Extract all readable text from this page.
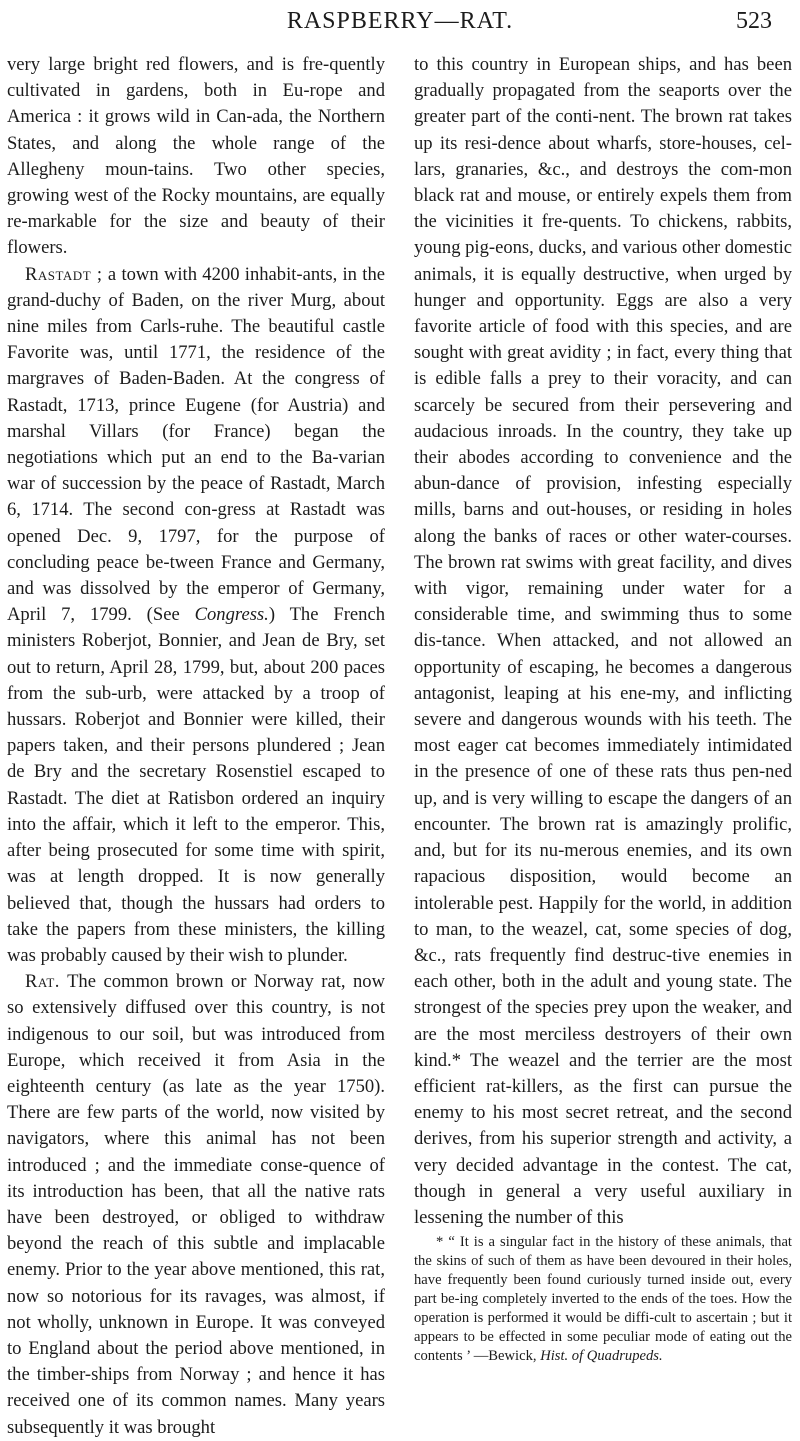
RASPBERRY—RAT.	523

very large bright red flowers, and is fre-quently cultivated in gardens, both in Eu-rope and America : it grows wild in Can-ada, the Northern States, and along the whole range of the Allegheny moun-tains. Two other species, growing west of the Rocky mountains, are equally re-markable for the size and beauty of their flowers.

Rastadt ; a town with 4200 inhabit-ants, in the grand-duchy of Baden, on the river Murg, about nine miles from Carls-ruhe. The beautiful castle Favorite was, until 1771, the residence of the margraves of Baden-Baden. At the congress of Rastadt, 1713, prince Eugene (for Austria) and marshal Villars (for France) began the negotiations which put an end to the Ba-varian war of succession by the peace of Rastadt, March 6, 1714. The second con-gress at Rastadt was opened Dec. 9, 1797, for the purpose of concluding peace be-tween France and Germany, and was dissolved by the emperor of Germany, April 7, 1799. (See Congress.) The French ministers Roberjot, Bonnier, and Jean de Bry, set out to return, April 28, 1799, but, about 200 paces from the sub-urb, were attacked by a troop of hussars. Roberjot and Bonnier were killed, their papers taken, and their persons plundered ; Jean de Bry and the secretary Rosenstiel escaped to Rastadt. The diet at Ratisbon ordered an inquiry into the affair, which it left to the emperor. This, after being prosecuted for some time with spirit, was at length dropped. It is now generally believed that, though the hussars had orders to take the papers from these ministers, the killing was probably caused by their wish to plunder.

Rat. The common brown or Norway rat, now so extensively diffused over this country, is not indigenous to our soil, but was introduced from Europe, which received it from Asia in the eighteenth century (as late as the year 1750). There are few parts of the world, now visited by navigators, where this animal has not been introduced ; and the immediate conse-quence of its introduction has been, that all the native rats have been destroyed, or obliged to withdraw beyond the reach of this subtle and implacable enemy. Prior to the year above mentioned, this rat, now so notorious for its ravages, was almost, if not wholly, unknown in Europe. It was conveyed to England about the period above mentioned, in the timber-ships from Norway ; and hence it has received one of its common names. Many years subsequently it was brought

to this country in European ships, and has been gradually propagated from the seaports over the greater part of the conti-nent. The brown rat takes up its resi-dence about wharfs, store-houses, cel-lars, granaries, &c., and destroys the com-mon black rat and mouse, or entirely expels them from the vicinities it fre-quents. To chickens, rabbits, young pig-eons, ducks, and various other domestic animals, it is equally destructive, when urged by hunger and opportunity. Eggs are also a very favorite article of food with this species, and are sought with great avidity ; in fact, every thing that is edible falls a prey to their voracity, and can scarcely be secured from their persevering and audacious inroads. In the country, they take up their abodes according to convenience and the abun-dance of provision, infesting especially mills, barns and out-houses, or residing in holes along the banks of races or other water-courses. The brown rat swims with great facility, and dives with vigor, remaining under water for a considerable time, and swimming thus to some dis-tance. When attacked, and not allowed an opportunity of escaping, he becomes a dangerous antagonist, leaping at his ene-my, and inflicting severe and dangerous wounds with his teeth. The most eager cat becomes immediately intimidated in the presence of one of these rats thus pen-ned up, and is very willing to escape the dangers of an encounter. The brown rat is amazingly prolific, and, but for its nu-merous enemies, and its own rapacious disposition, would become an intolerable pest. Happily for the world, in addition to man, to the weazel, cat, some species of dog, &c., rats frequently find destruc-tive enemies in each other, both in the adult and young state. The strongest of the species prey upon the weaker, and are the most merciless destroyers of their own kind.* The weazel and the terrier are the most efficient rat-killers, as the first can pursue the enemy to his most secret retreat, and the second derives, from his superior strength and activity, a very decided advantage in the contest. The cat, though in general a very useful auxiliary in lessening the number of this

* “ It is a singular fact in the history of these animals, that the skins of such of them as have been devoured in their holes, have frequently been found curiously turned inside out, every part be-ing completely inverted to the ends of the toes. How the operation is performed it would be diffi-cult to ascertain ; but it appears to be effected in some peculiar mode of eating out the contents ’ —Bewick, Hist. of Quadrupeds.
